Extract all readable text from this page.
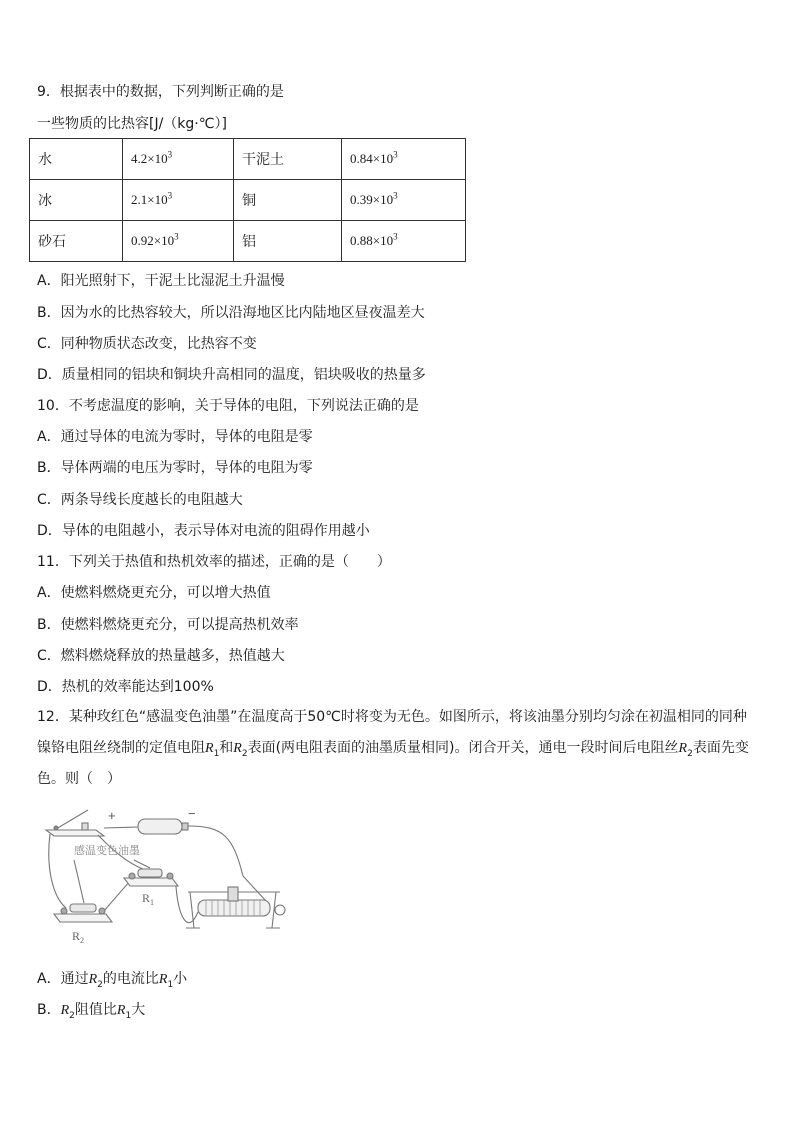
9．根据表中的数据，下列判断正确的是
一些物质的比热容[J/（kg·℃）]
水	$4.2\times 10^3$	干泥土	$0.84\times 10^3$
冰	$2.1\times 10^3$	铜	$0.39\times 10^3$
砂石	$0.92\times 10^3$	铝	$0.88\times 10^3$
A．阳光照射下，干泥土比湿泥土升温慢
B．因为水的比热容较大，所以沿海地区比内陆地区昼夜温差大
C．同种物质状态改变，比热容不变
D．质量相同的铝块和铜块升高相同的温度，铝块吸收的热量多
10．不考虑温度的影响，关于导体的电阻，下列说法正确的是
A．通过导体的电流为零时，导体的电阻是零
B．导体两端的电压为零时，导体的电阻为零
C．两条导线长度越长的电阻越大
D．导体的电阻越小，表示导体对电流的阻碍作用越小
11．下列关于热值和热机效率的描述，正确的是（　　）
A．使燃料燃烧更充分，可以增大热值
B．使燃料燃烧更充分，可以提高热机效率
C．燃料燃烧释放的热量越多，热值越大
D．热机的效率能达到100%
12．某种玫红色“感温变色油墨”在温度高于50℃时将变为无色。如图所示，将该油墨分别均匀涂在初温相同的同种镍铬电阻丝绕制的定值电阻$R_1$和$R_2$表面(两电阻表面的油墨质量相同)。闭合开关，通电一段时间后电阻丝$R_2$表面先变色。则（　）
+	−
感温变色油墨
$R_1$
$R_2$
A．通过$R_2$的电流比$R_1$小
B．$R_2$阻值比$R_1$大
